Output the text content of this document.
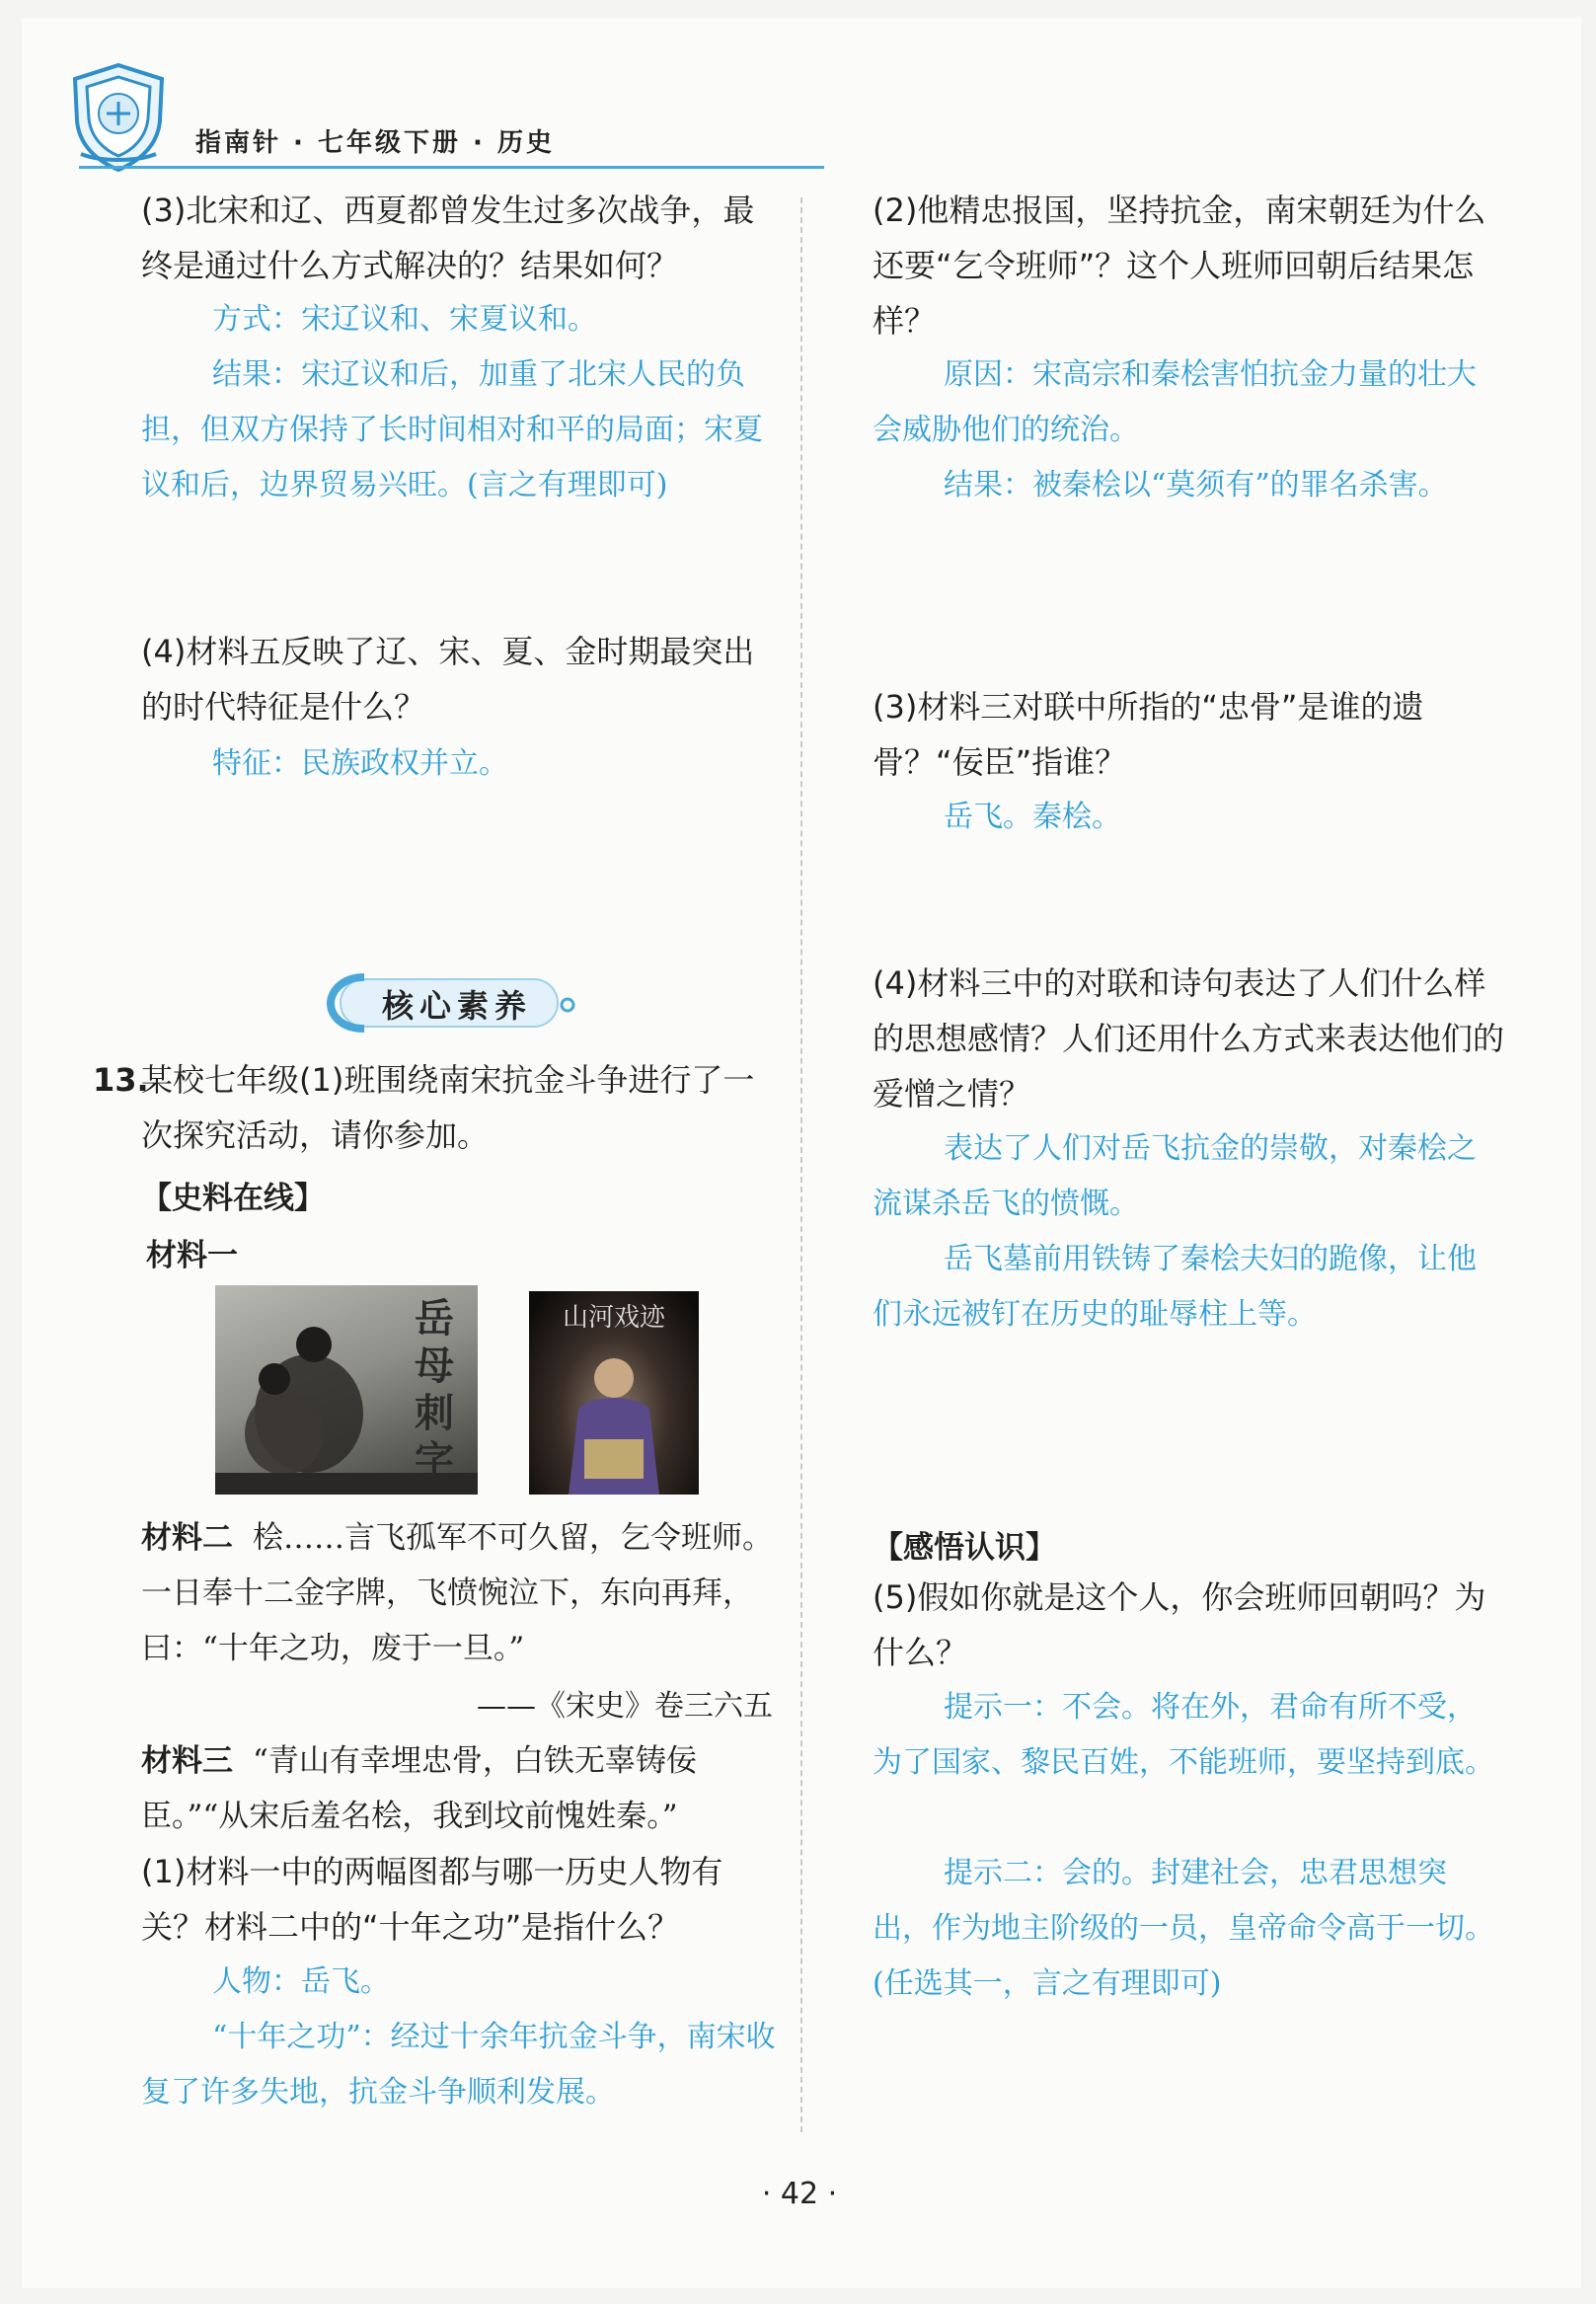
指南针 · 七年级下册 · 历史
(3)北宋和辽、西夏都曾发生过多次战争，最终是通过什么方式解决的？结果如何？
方式：宋辽议和、宋夏议和。
结果：宋辽议和后，加重了北宋人民的负担，但双方保持了长时间相对和平的局面；宋夏议和后，边界贸易兴旺。(言之有理即可)
(4)材料五反映了辽、宋、夏、金时期最突出的时代特征是什么？
特征：民族政权并立。
核心素养
13.
某校七年级(1)班围绕南宋抗金斗争进行了一次探究活动，请你参加。
【史料在线】
材料一
岳母刺字
山河戏迹
材料二 桧……言飞孤军不可久留，乞令班师。一日奉十二金字牌，飞愤惋泣下，东向再拜，曰：“十年之功，废于一旦。”
——《宋史》卷三六五
材料三 “青山有幸埋忠骨，白铁无辜铸佞臣。”“从宋后羞名桧，我到坟前愧姓秦。”
(1)材料一中的两幅图都与哪一历史人物有关？材料二中的“十年之功”是指什么？
人物：岳飞。
“十年之功”：经过十余年抗金斗争，南宋收复了许多失地，抗金斗争顺利发展。
(2)他精忠报国，坚持抗金，南宋朝廷为什么还要“乞令班师”？这个人班师回朝后结果怎样？
原因：宋高宗和秦桧害怕抗金力量的壮大会威胁他们的统治。
结果：被秦桧以“莫须有”的罪名杀害。
(3)材料三对联中所指的“忠骨”是谁的遗骨？“佞臣”指谁？
岳飞。秦桧。
(4)材料三中的对联和诗句表达了人们什么样的思想感情？人们还用什么方式来表达他们的爱憎之情？
表达了人们对岳飞抗金的崇敬，对秦桧之流谋杀岳飞的愤慨。
岳飞墓前用铁铸了秦桧夫妇的跪像，让他们永远被钉在历史的耻辱柱上等。
【感悟认识】
(5)假如你就是这个人，你会班师回朝吗？为什么？
提示一：不会。将在外，君命有所不受，为了国家、黎民百姓，不能班师，要坚持到底。
提示二：会的。封建社会，忠君思想突出，作为地主阶级的一员，皇帝命令高于一切。(任选其一，言之有理即可)
· 42 ·
